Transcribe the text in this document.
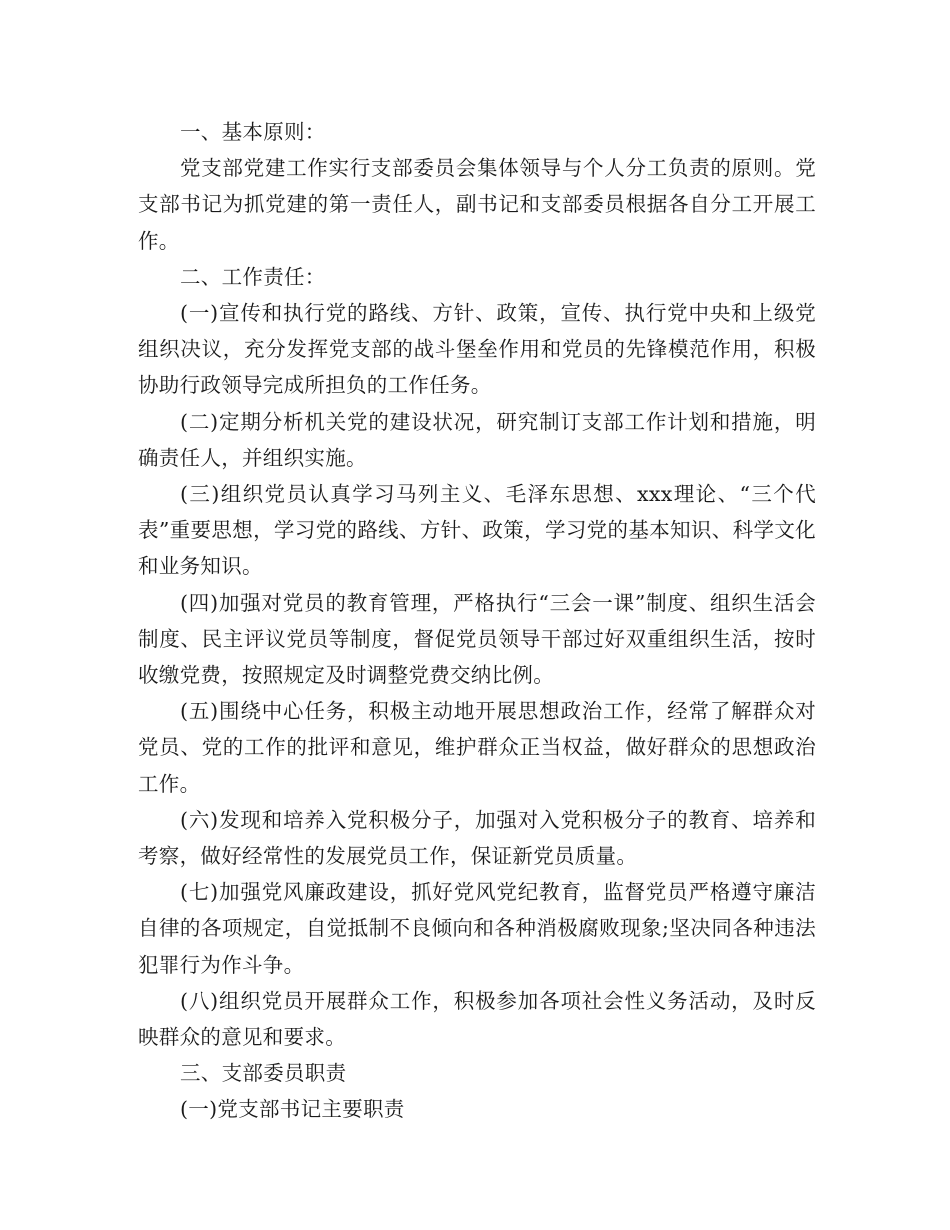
一、基本原则：

党支部党建工作实行支部委员会集体领导与个人分工负责的原则。党支部书记为抓党建的第一责任人，副书记和支部委员根据各自分工开展工作。

二、工作责任：

(一)宣传和执行党的路线、方针、政策，宣传、执行党中央和上级党组织决议，充分发挥党支部的战斗堡垒作用和党员的先锋模范作用，积极协助行政领导完成所担负的工作任务。

(二)定期分析机关党的建设状况，研究制订支部工作计划和措施，明确责任人，并组织实施。

(三)组织党员认真学习马列主义、毛泽东思想、xxx理论、“三个代表”重要思想，学习党的路线、方针、政策，学习党的基本知识、科学文化和业务知识。

(四)加强对党员的教育管理，严格执行“三会一课”制度、组织生活会制度、民主评议党员等制度，督促党员领导干部过好双重组织生活，按时收缴党费，按照规定及时调整党费交纳比例。

(五)围绕中心任务，积极主动地开展思想政治工作，经常了解群众对党员、党的工作的批评和意见，维护群众正当权益，做好群众的思想政治工作。

(六)发现和培养入党积极分子，加强对入党积极分子的教育、培养和考察，做好经常性的发展党员工作，保证新党员质量。

(七)加强党风廉政建设，抓好党风党纪教育，监督党员严格遵守廉洁自律的各项规定，自觉抵制不良倾向和各种消极腐败现象;坚决同各种违法犯罪行为作斗争。

(八)组织党员开展群众工作，积极参加各项社会性义务活动，及时反映群众的意见和要求。

三、支部委员职责

(一)党支部书记主要职责
